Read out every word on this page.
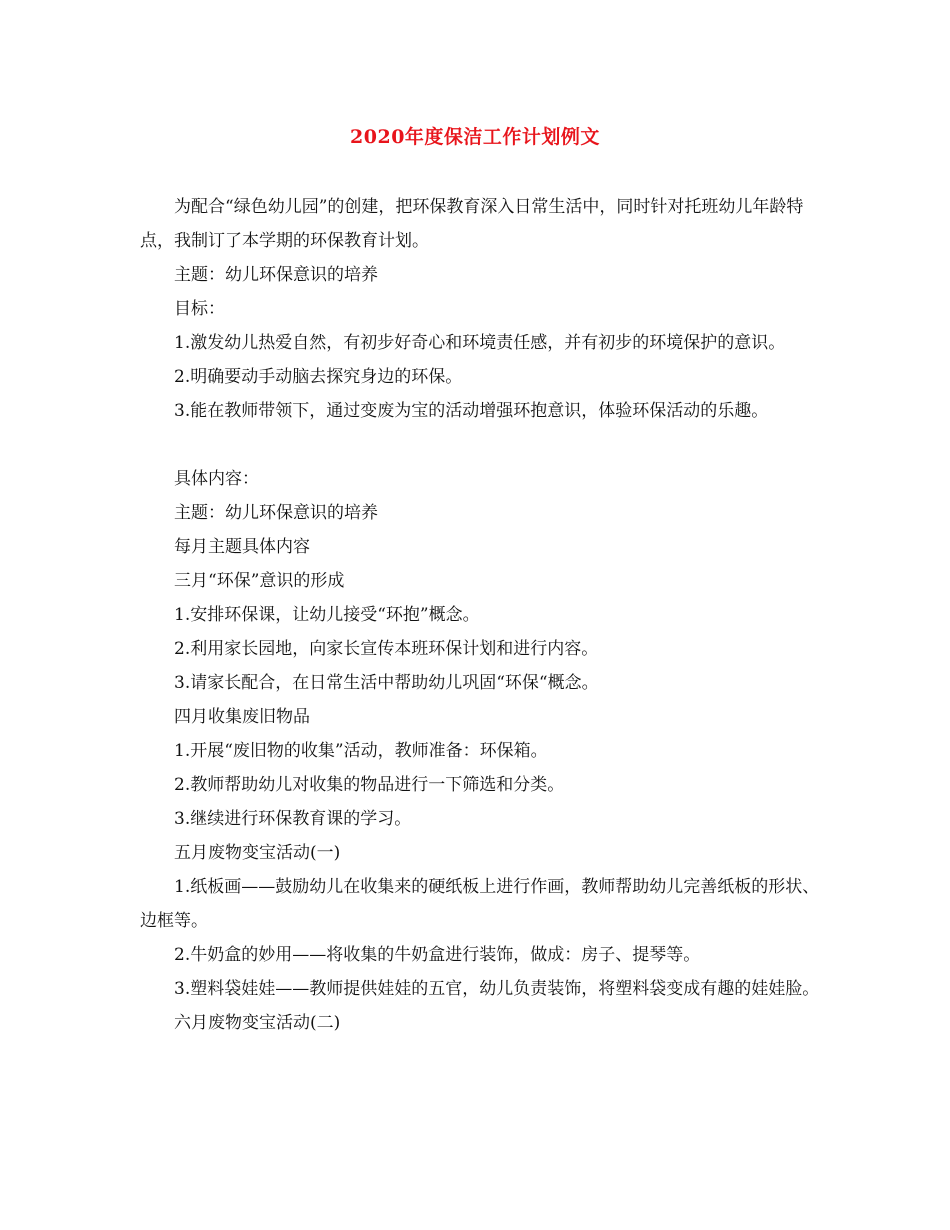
2020年度保洁工作计划例文

为配合“绿色幼儿园”的创建，把环保教育深入日常生活中，同时针对托班幼儿年龄特点，我制订了本学期的环保教育计划。

主题：幼儿环保意识的培养

目标：

1.激发幼儿热爱自然，有初步好奇心和环境责任感，并有初步的环境保护的意识。

2.明确要动手动脑去探究身边的环保。

3.能在教师带领下，通过变废为宝的活动增强环抱意识，体验环保活动的乐趣。

具体内容：

主题：幼儿环保意识的培养

每月主题具体内容

三月“环保”意识的形成

1.安排环保课，让幼儿接受“环抱”概念。

2.利用家长园地，向家长宣传本班环保计划和进行内容。

3.请家长配合，在日常生活中帮助幼儿巩固“环保“概念。

四月收集废旧物品

1.开展“废旧物的收集”活动，教师准备：环保箱。

2.教师帮助幼儿对收集的物品进行一下筛选和分类。

3.继续进行环保教育课的学习。

五月废物变宝活动(一)

1.纸板画——鼓励幼儿在收集来的硬纸板上进行作画，教师帮助幼儿完善纸板的形状、边框等。

2.牛奶盒的妙用——将收集的牛奶盒进行装饰，做成：房子、提琴等。

3.塑料袋娃娃——教师提供娃娃的五官，幼儿负责装饰，将塑料袋变成有趣的娃娃脸。

六月废物变宝活动(二)
